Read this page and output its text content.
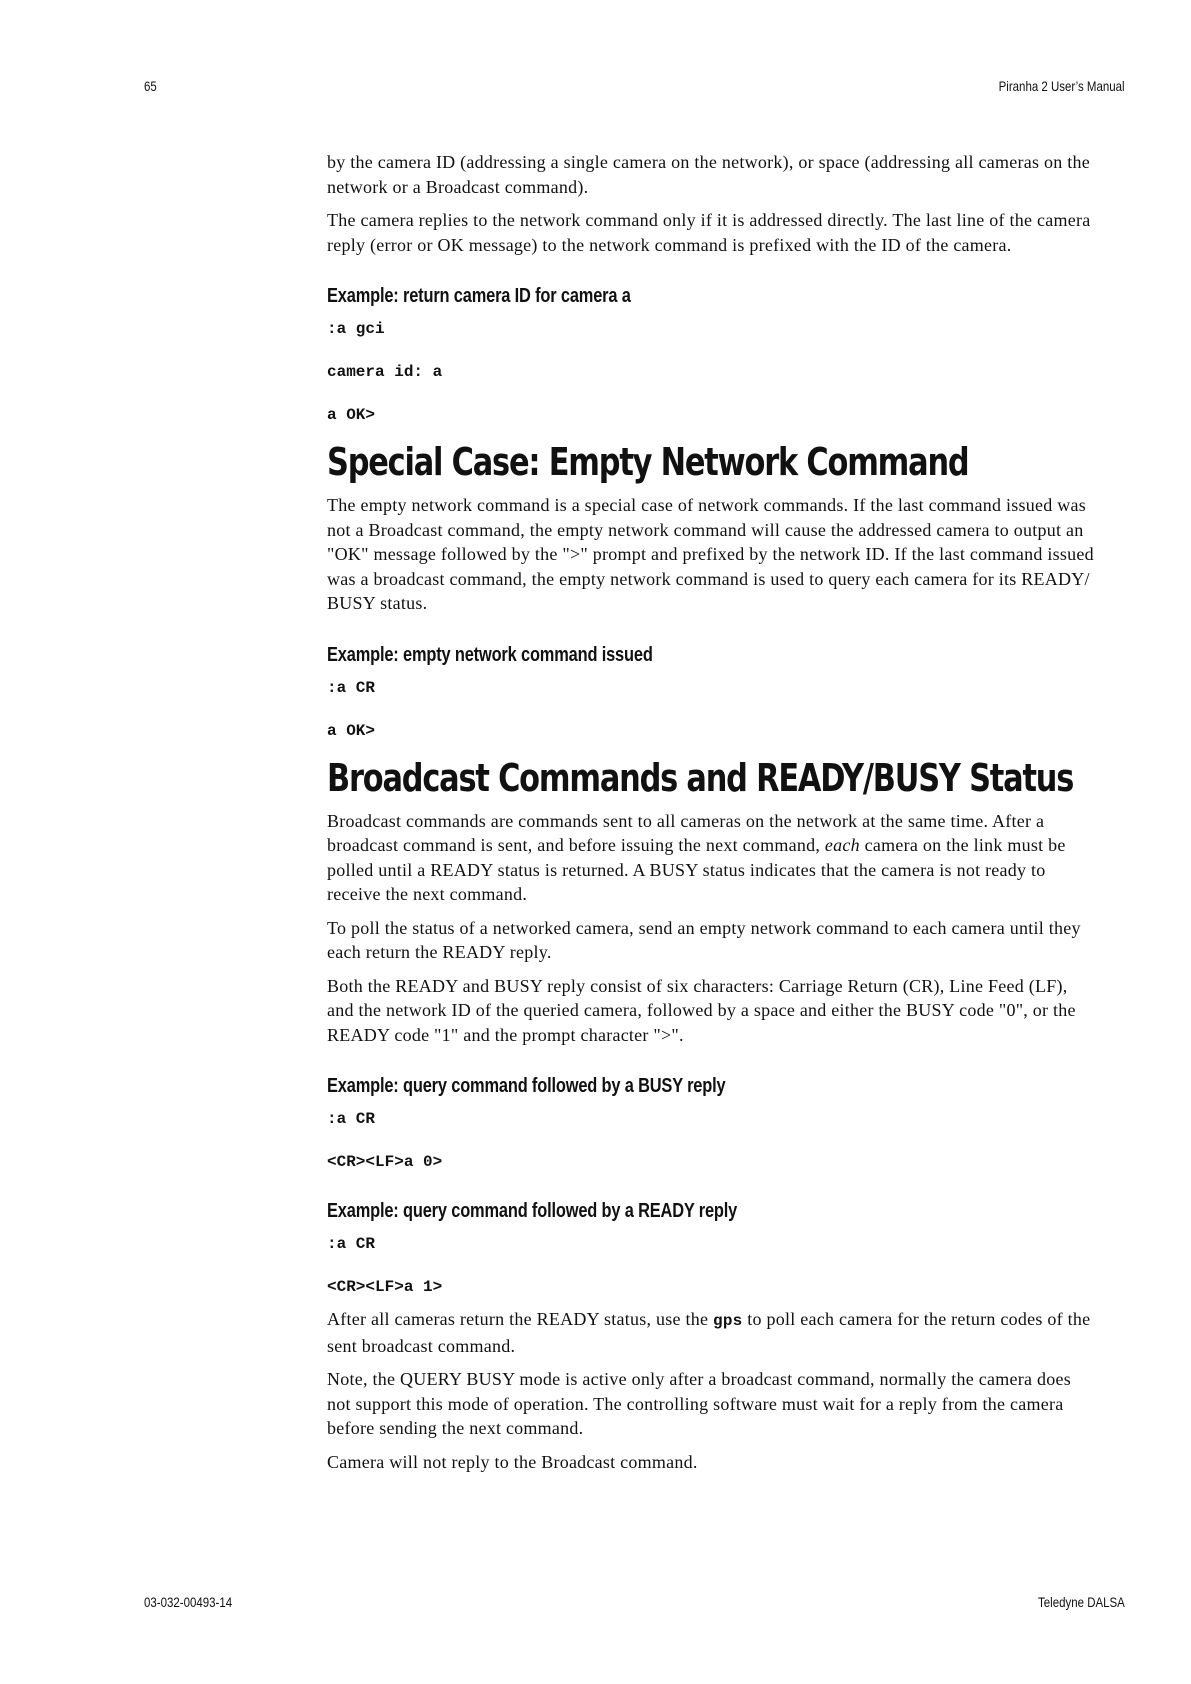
65	Piranha 2 User’s Manual

by the camera ID (addressing a single camera on the network), or space (addressing all cameras on the network or a Broadcast command).

The camera replies to the network command only if it is addressed directly. The last line of the camera reply (error or OK message) to the network command is prefixed with the ID of the camera.

Example: return camera ID for camera a
:a gci
camera id: a
a OK>
Special Case: Empty Network Command

The empty network command is a special case of network commands. If the last command issued was not a Broadcast command, the empty network command will cause the addressed camera to output an "OK" message followed by the ">" prompt and prefixed by the network ID. If the last command issued was a broadcast command, the empty network command is used to query each camera for its READY/ BUSY status.

Example: empty network command issued
:a CR
a OK>
Broadcast Commands and READY/BUSY Status

Broadcast commands are commands sent to all cameras on the network at the same time. After a broadcast command is sent, and before issuing the next command, each camera on the link must be polled until a READY status is returned. A BUSY status indicates that the camera is not ready to receive the next command.

To poll the status of a networked camera, send an empty network command to each camera until they each return the READY reply.

Both the READY and BUSY reply consist of six characters: Carriage Return (CR), Line Feed (LF), and the network ID of the queried camera, followed by a space and either the BUSY code "0", or the READY code "1" and the prompt character ">".

Example: query command followed by a BUSY reply
:a CR
<CR><LF>a 0>
Example: query command followed by a READY reply
:a CR
<CR><LF>a 1>

After all cameras return the READY status, use the gps to poll each camera for the return codes of the sent broadcast command.

Note, the QUERY BUSY mode is active only after a broadcast command, normally the camera does not support this mode of operation. The controlling software must wait for a reply from the camera before sending the next command.

Camera will not reply to the Broadcast command.

03-032-00493-14	Teledyne DALSA
